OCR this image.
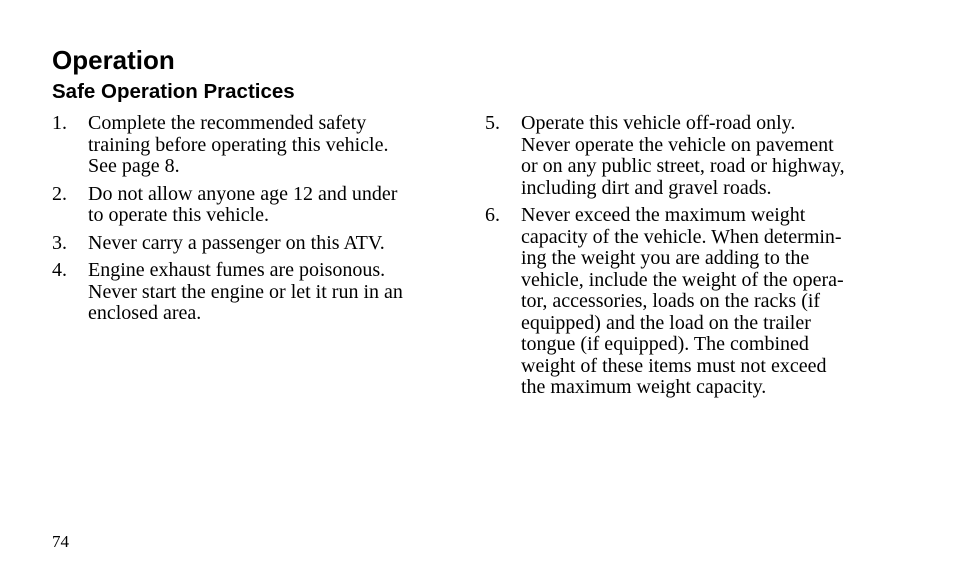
Operation
Safe Operation Practices
1. Complete the recommended safety
training before operating this vehicle.
See page 8.
2. Do not allow anyone age 12 and under
to operate this vehicle.
3. Never carry a passenger on this ATV.
4. Engine exhaust fumes are poisonous.
Never start the engine or let it run in an
enclosed area.
5. Operate this vehicle off-road only.
Never operate the vehicle on pavement
or on any public street, road or highway,
including dirt and gravel roads.
6. Never exceed the maximum weight
capacity of the vehicle. When determin-
ing the weight you are adding to the
vehicle, include the weight of the opera-
tor, accessories, loads on the racks (if
equipped) and the load on the trailer
tongue (if equipped). The combined
weight of these items must not exceed
the maximum weight capacity.

74
